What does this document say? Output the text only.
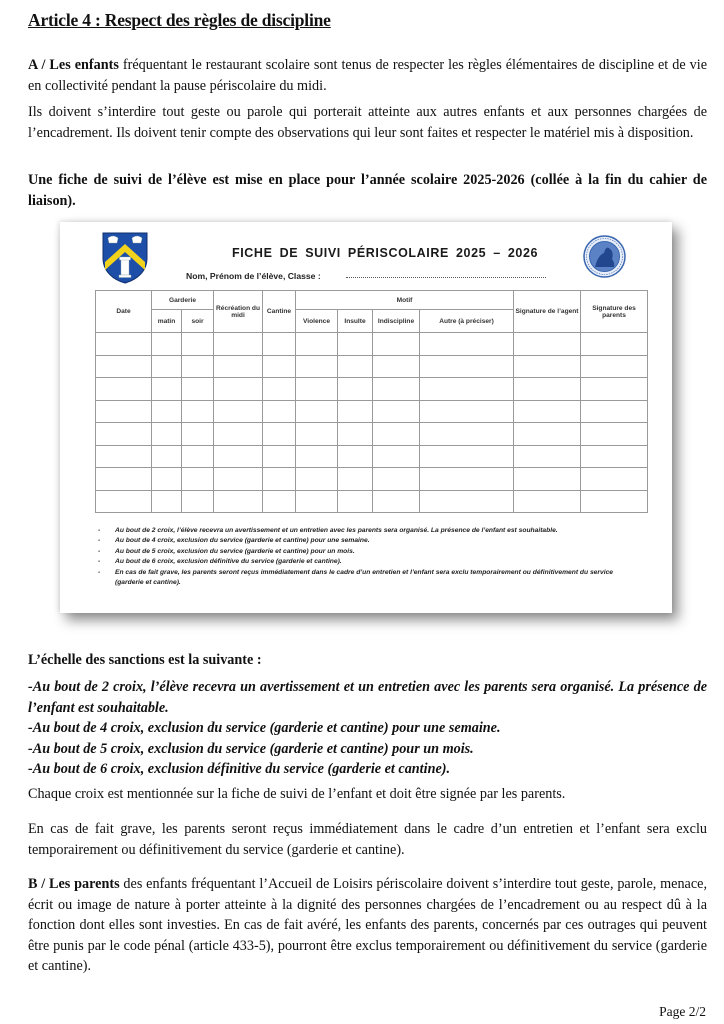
Article 4 : Respect des règles de discipline

A / Les enfants fréquentant le restaurant scolaire sont tenus de respecter les règles élémentaires de discipline et de vie en collectivité pendant la pause périscolaire du midi.

Ils doivent s’interdire tout geste ou parole qui porterait atteinte aux autres enfants et aux personnes chargées de l’encadrement. Ils doivent tenir compte des observations qui leur sont faites et respecter le matériel mis à disposition.

Une fiche de suivi de l’élève est mise en place pour l’année scolaire 2025-2026 (collée à la fin du cahier de liaison).

FICHE DE SUIVI PÉRISCOLAIRE 2025 – 2026
Nom, Prénom de l’élève, Classe :
Date	Garderie		Récréation du midi	Cantine	Motif				Signature de l’agent	Signature des parents
	matin	soir			Violence	Insulte	Indiscipline	Autre (à préciser)		

- Au bout de 2 croix, l’élève recevra un avertissement et un entretien avec les parents sera organisé. La présence de l’enfant est souhaitable.
- Au bout de 4 croix, exclusion du service (garderie et cantine) pour une semaine.
- Au bout de 5 croix, exclusion du service (garderie et cantine) pour un mois.
- Au bout de 6 croix, exclusion définitive du service (garderie et cantine).
- En cas de fait grave, les parents seront reçus immédiatement dans le cadre d’un entretien et l’enfant sera exclu temporairement ou définitivement du service (garderie et cantine).

L’échelle des sanctions est la suivante :

-Au bout de 2 croix, l’élève recevra un avertissement et un entretien avec les parents sera organisé. La présence de l’enfant est souhaitable.
-Au bout de 4 croix, exclusion du service (garderie et cantine) pour une semaine.
-Au bout de 5 croix, exclusion du service (garderie et cantine) pour un mois.
-Au bout de 6 croix, exclusion définitive du service (garderie et cantine).

Chaque croix est mentionnée sur la fiche de suivi de l’enfant et doit être signée par les parents.

En cas de fait grave, les parents seront reçus immédiatement dans le cadre d’un entretien et l’enfant sera exclu temporairement ou définitivement du service (garderie et cantine).

B / Les parents des enfants fréquentant l’Accueil de Loisirs périscolaire doivent s’interdire tout geste, parole, menace, écrit ou image de nature à porter atteinte à la dignité des personnes chargées de l’encadrement ou au respect dû à la fonction dont elles sont investies. En cas de fait avéré, les enfants des parents, concernés par ces outrages qui peuvent être punis par le code pénal (article 433-5), pourront être exclus temporairement ou définitivement du service (garderie et cantine).

Page 2/2
